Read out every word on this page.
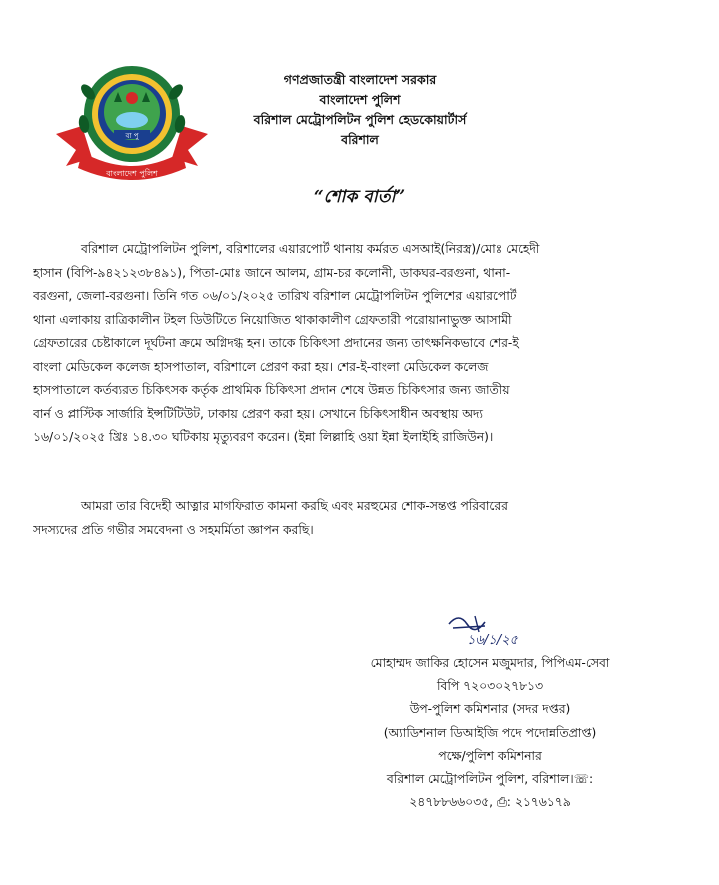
বা পু
বাংলাদেশ পুলিশ
গণপ্রজাতন্ত্রী বাংলাদেশ সরকার
বাংলাদেশ পুলিশ
বরিশাল মেট্রোপলিটন পুলিশ হেডকোয়ার্টার্স
বরিশাল
“শোক বার্তা”
বরিশাল মেট্রোপলিটন পুলিশ, বরিশালের এয়ারপোর্ট থানায় কর্মরত এসআই(নিরস্ত্র)/মোঃ মেহেদী
হাসান (বিপি-৯৪২১২৩৮৪৯১), পিতা-মোঃ জানে আলম, গ্রাম-চর কলোনী, ডাকঘর-বরগুনা, থানা-
বরগুনা, জেলা-বরগুনা। তিনি গত ০৬/০১/২০২৫ তারিখ বরিশাল মেট্রোপলিটন পুলিশের এয়ারপোর্ট
থানা এলাকায় রাত্রিকালীন টহল ডিউটিতে নিয়োজিত থাকাকালীণ গ্রেফতারী পরোয়ানাভুক্ত আসামী
গ্রেফতারের চেষ্টাকালে দূর্ঘটনা ক্রমে অগ্নিদগ্ধ হন। তাকে চিকিৎসা প্রদানের জন্য তাৎক্ষনিকভাবে শের-ই
বাংলা মেডিকেল কলেজ হাসপাতাল, বরিশালে প্রেরণ করা হয়। শের-ই-বাংলা মেডিকেল কলেজ
হাসপাতালে কর্তব্যরত চিকিৎসক কর্তৃক প্রাথমিক চিকিৎসা প্রদান শেষে উন্নত চিকিৎসার জন্য জাতীয়
বার্ন ও প্লাস্টিক সার্জারি ইন্সটিটিউট, ঢাকায় প্রেরণ করা হয়। সেখানে চিকিৎসাধীন অবস্থায় অদ্য
১৬/০১/২০২৫ খ্রিঃ ১৪.৩০ ঘটিকায় মৃত্যুবরণ করেন। (ইন্না লিল্লাহি ওয়া ইন্না ইলাইহি রাজিউন)।
আমরা তার বিদেহী আত্নার মাগফিরাত কামনা করছি এবং মরহুমের শোক-সন্তপ্ত পরিবারের
সদস্যদের প্রতি গভীর সমবেদনা ও সহমর্মিতা জ্ঞাপন করছি।
১৬/১/২৫
মোহাম্মদ জাকির হোসেন মজুমদার, পিপিএম-সেবা
বিপি ৭২০৩০২৭৮১৩
উপ-পুলিশ কমিশনার (সদর দপ্তর)
(অ্যাডিশনাল ডিআইজি পদে পদোন্নতিপ্রাপ্ত)
পক্ষে/পুলিশ কমিশনার
বরিশাল মেট্রোপলিটন পুলিশ, বরিশাল।☏:
২৪৭৮৮৬৬০৩৫, ⎙: ২১৭৬১৭৯
